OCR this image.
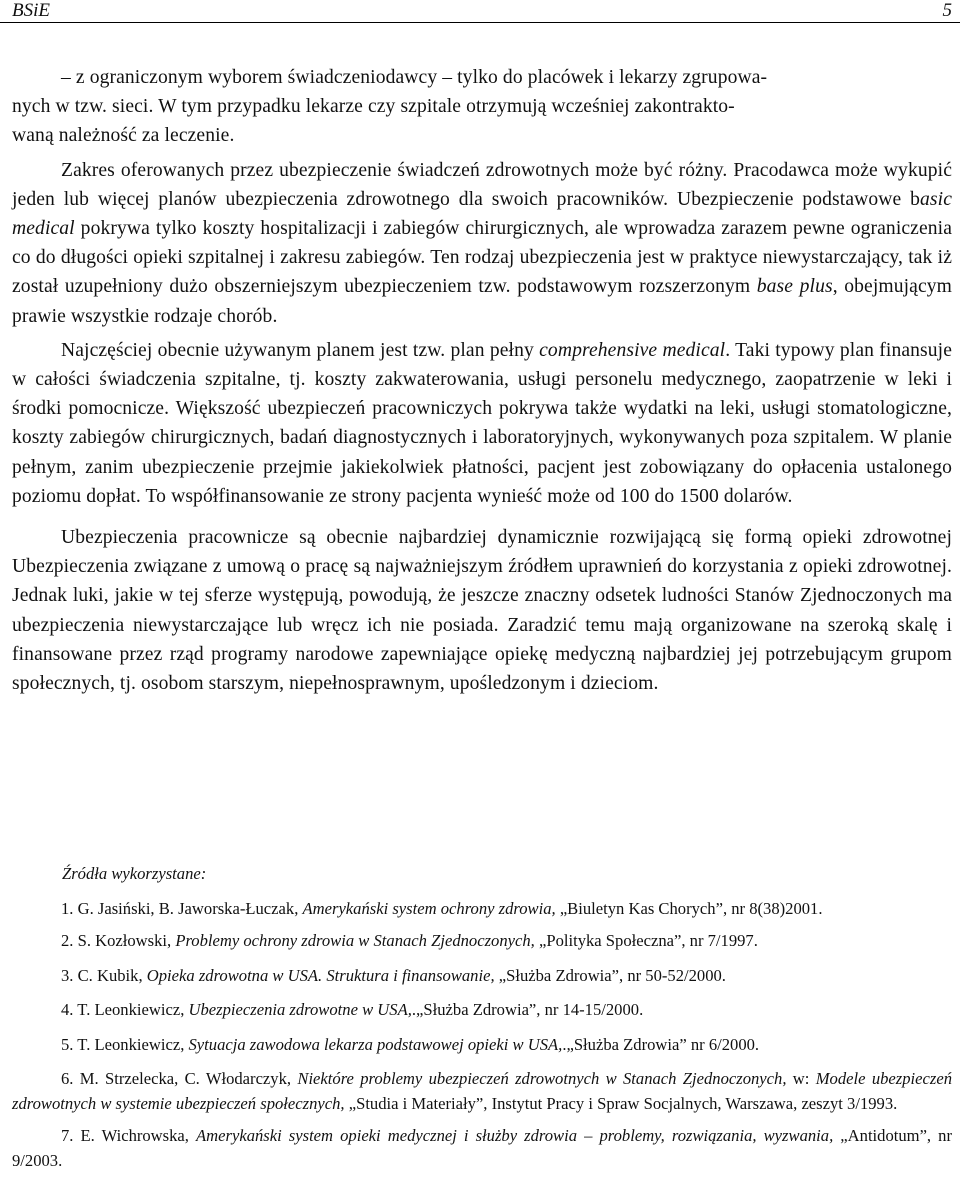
BSiE	5

– z ograniczonym wyborem świadczeniodawcy – tylko do placówek i lekarzy zgrupowa-
nych w tzw. sieci. W tym przypadku lekarze czy szpitale otrzymują wcześniej zakontrakto-
waną należność za leczenie.

Zakres oferowanych przez ubezpieczenie świadczeń zdrowotnych może być różny. Pracodawca może wykupić jeden lub więcej planów ubezpieczenia zdrowotnego dla swoich pracowników. Ubezpieczenie podstawowe basic medical pokrywa tylko koszty hospitalizacji i zabiegów chirurgicznych, ale wprowadza zarazem pewne ograniczenia co do długości opieki szpitalnej i zakresu zabiegów. Ten rodzaj ubezpieczenia jest w praktyce niewystarczający, tak iż został uzupełniony dużo obszerniejszym ubezpieczeniem tzw. podstawowym rozszerzonym base plus, obejmującym prawie wszystkie rodzaje chorób.

Najczęściej obecnie używanym planem jest tzw. plan pełny comprehensive medical. Taki typowy plan finansuje w całości świadczenia szpitalne, tj. koszty zakwaterowania, usługi personelu medycznego, zaopatrzenie w leki i środki pomocnicze. Większość ubezpieczeń pracowniczych pokrywa także wydatki na leki, usługi stomatologiczne, koszty zabiegów chirurgicznych, badań diagnostycznych i laboratoryjnych, wykonywanych poza szpitalem. W planie pełnym, zanim ubezpieczenie przejmie jakiekolwiek płatności, pacjent jest zobowiązany do opłacenia ustalonego poziomu dopłat. To współfinansowanie ze strony pacjenta wynieść może od 100 do 1500 dolarów.

Ubezpieczenia pracownicze są obecnie najbardziej dynamicznie rozwijającą się formą opieki zdrowotnej Ubezpieczenia związane z umową o pracę są najważniejszym źródłem uprawnień do korzystania z opieki zdrowotnej. Jednak luki, jakie w tej sferze występują, powodują, że jeszcze znaczny odsetek ludności Stanów Zjednoczonych ma ubezpieczenia niewystarczające lub wręcz ich nie posiada. Zaradzić temu mają organizowane na szeroką skalę i finansowane przez rząd programy narodowe zapewniające opiekę medyczną najbardziej jej potrzebującym grupom społecznych, tj. osobom starszym, niepełnosprawnym, upośledzonym i dzieciom.

Źródła wykorzystane:

1. G. Jasiński, B. Jaworska-Łuczak, Amerykański system ochrony zdrowia, „Biuletyn Kas Chorych”, nr 8(38)2001.

2. S. Kozłowski, Problemy ochrony zdrowia w Stanach Zjednoczonych, „Polityka Społeczna”, nr 7/1997.

3. C. Kubik, Opieka zdrowotna w USA. Struktura i finansowanie, „Służba Zdrowia”, nr 50-52/2000.

4. T. Leonkiewicz, Ubezpieczenia zdrowotne w USA,.„Służba Zdrowia”, nr 14-15/2000.

5. T. Leonkiewicz, Sytuacja zawodowa lekarza podstawowej opieki w USA,.„Służba Zdrowia” nr 6/2000.

6. M. Strzelecka, C. Włodarczyk, Niektóre problemy ubezpieczeń zdrowotnych w Stanach Zjednoczonych, w: Modele ubezpieczeń zdrowotnych w systemie ubezpieczeń społecznych, „Studia i Materiały”, Instytut Pracy i Spraw Socjalnych, Warszawa, zeszyt 3/1993.

7. E. Wichrowska, Amerykański system opieki medycznej i służby zdrowia – problemy, rozwiązania, wyzwania, „Antidotum”, nr 9/2003.
